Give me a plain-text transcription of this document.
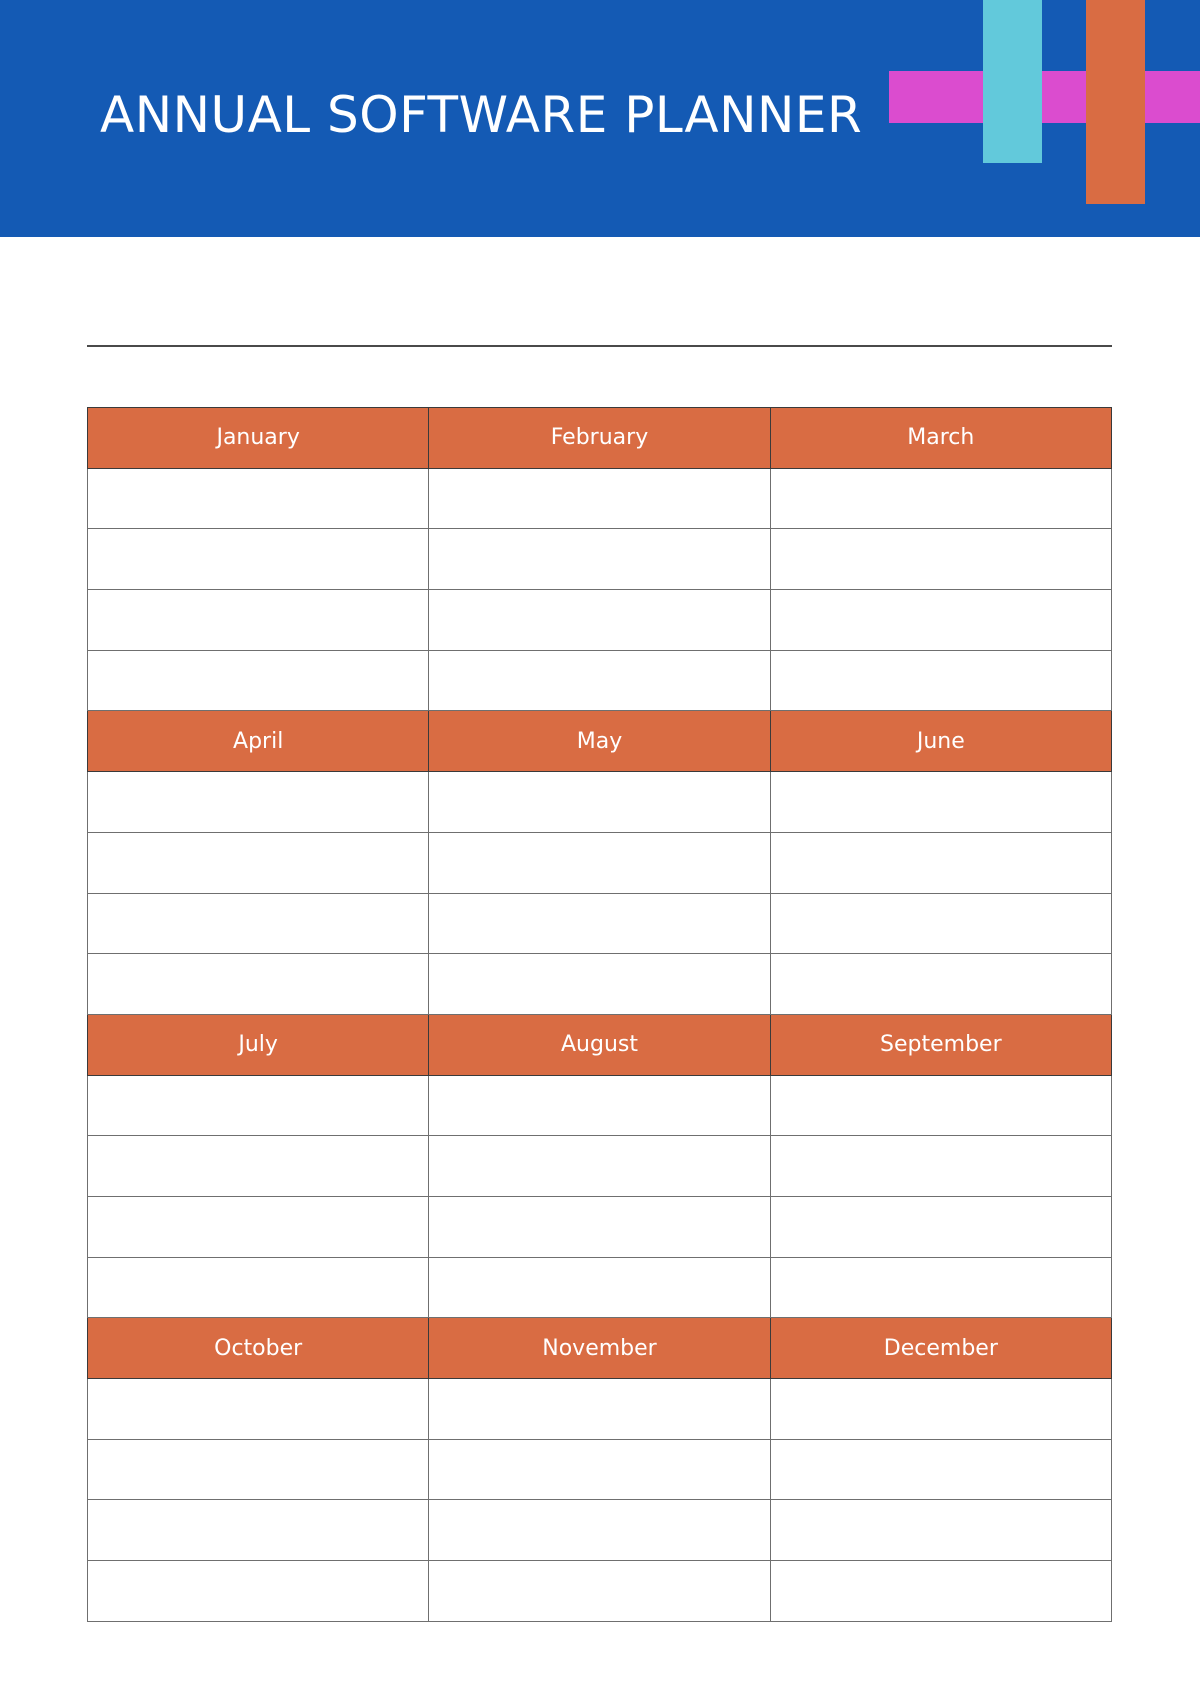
ANNUAL SOFTWARE PLANNER
January	February	March

April	May	June

July	August	September

October	November	December
